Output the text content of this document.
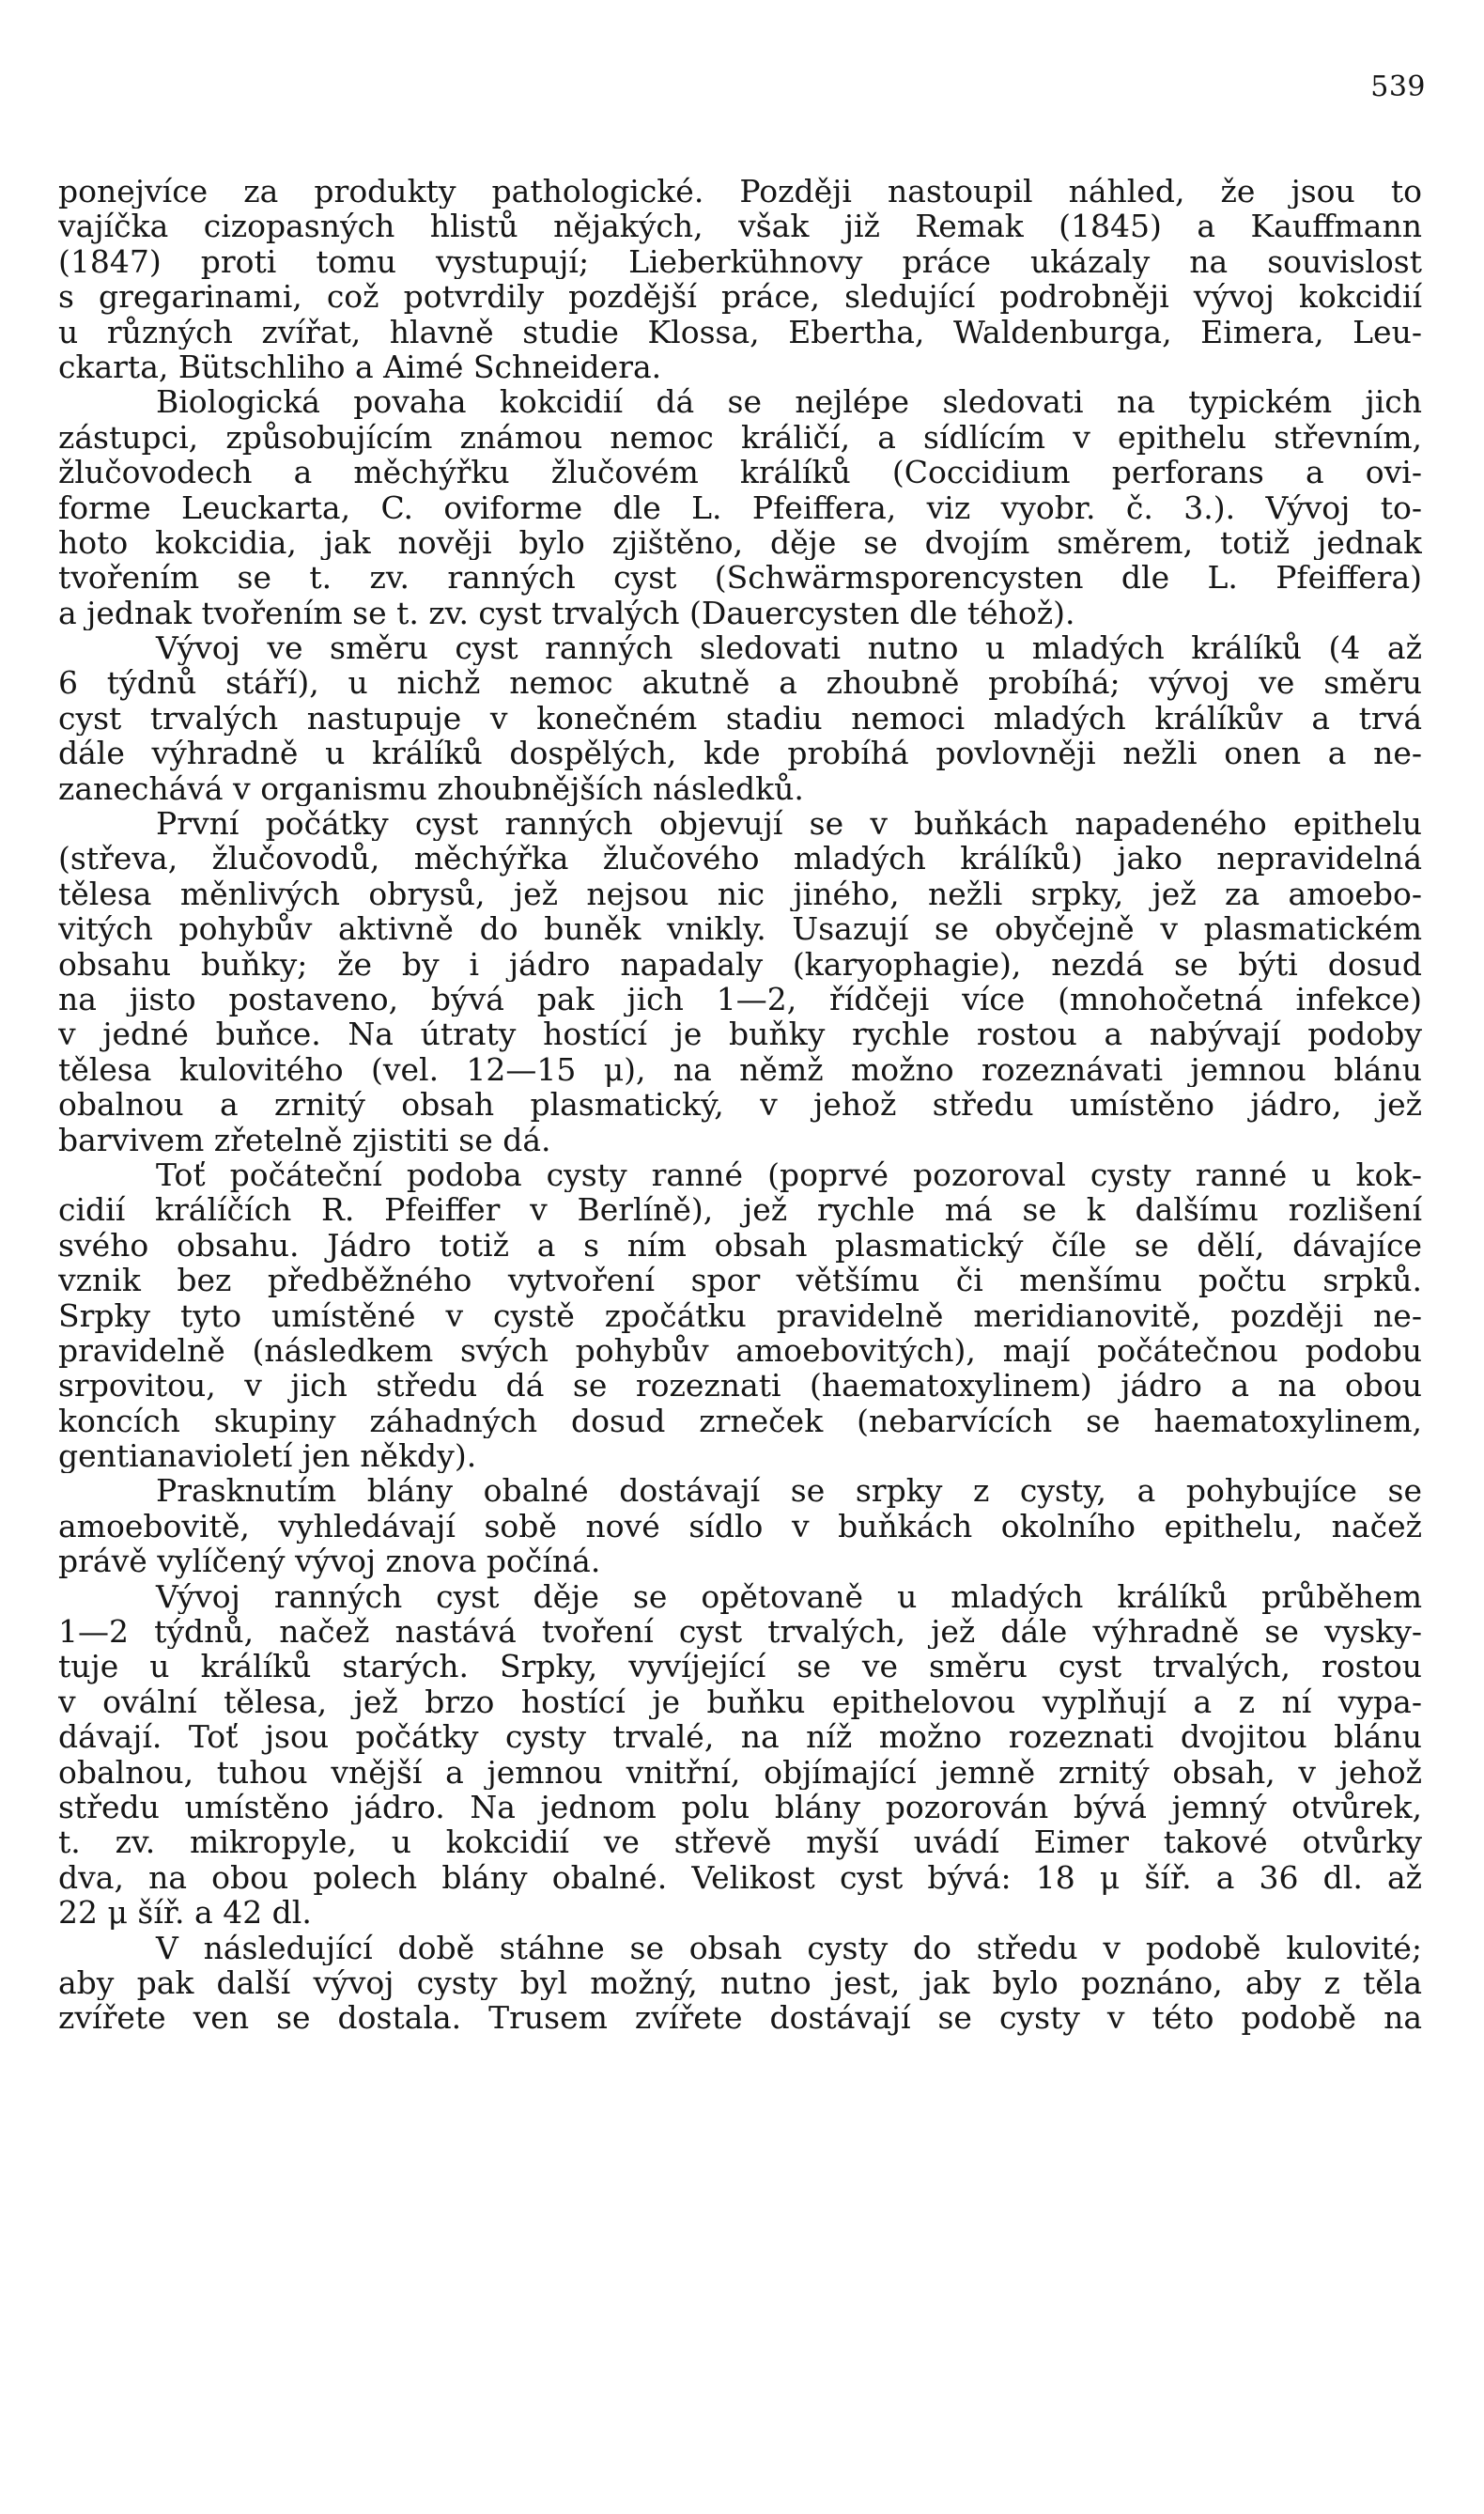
539
ponejvíce za produkty pathologické. Později nastoupil náhled, že jsou to
vajíčka cizopasných hlistů nějakých, však již Remak (1845) a Kauffmann
(1847) proti tomu vystupují; Lieberkühnovy práce ukázaly na souvislost
s gregarinami, což potvrdily pozdější práce, sledující podrobněji vývoj kokcidií
u různých zvířat, hlavně studie Klossa, Ebertha, Waldenburga, Eimera, Leu-
ckarta, Bütschliho a Aimé Schneidera.
Biologická povaha kokcidií dá se nejlépe sledovati na typickém jich
zástupci, způsobujícím známou nemoc králičí, a sídlícím v epithelu střevním,
žlučovodech a měchýřku žlučovém králíků (Coccidium perforans a ovi-
forme Leuckarta, C. oviforme dle L. Pfeiffera, viz vyobr. č. 3.). Vývoj to-
hoto kokcidia, jak nověji bylo zjištěno, děje se dvojím směrem, totiž jednak
tvořením se t. zv. ranných cyst (Schwärmsporencysten dle L. Pfeiffera)
a jednak tvořením se t. zv. cyst trvalých (Dauercysten dle téhož).
Vývoj ve směru cyst ranných sledovati nutno u mladých králíků (4 až
6 týdnů stáří), u nichž nemoc akutně a zhoubně probíhá; vývoj ve směru
cyst trvalých nastupuje v konečném stadiu nemoci mladých králíkův a trvá
dále výhradně u králíků dospělých, kde probíhá povlovněji nežli onen a ne-
zanechává v organismu zhoubnějších následků.
První počátky cyst ranných objevují se v buňkách napadeného epithelu
(střeva, žlučovodů, měchýřka žlučového mladých králíků) jako nepravidelná
tělesa měnlivých obrysů, jež nejsou nic jiného, nežli srpky, jež za amoebo-
vitých pohybův aktivně do buněk vnikly. Usazují se obyčejně v plasmatickém
obsahu buňky; že by i jádro napadaly (karyophagie), nezdá se býti dosud
na jisto postaveno, bývá pak jich 1—2, řídčeji více (mnohočetná infekce)
v jedné buňce. Na útraty hostící je buňky rychle rostou a nabývají podoby
tělesa kulovitého (vel. 12—15 μ), na němž možno rozeznávati jemnou blánu
obalnou a zrnitý obsah plasmatický, v jehož středu umístěno jádro, jež
barvivem zřetelně zjistiti se dá.
Toť počáteční podoba cysty ranné (poprvé pozoroval cysty ranné u kok-
cidií králíčích R. Pfeiffer v Berlíně), jež rychle má se k dalšímu rozlišení
svého obsahu. Jádro totiž a s ním obsah plasmatický číle se dělí, dávajíce
vznik bez předběžného vytvoření spor většímu či menšímu počtu srpků.
Srpky tyto umístěné v cystě zpočátku pravidelně meridianovitě, později ne-
pravidelně (následkem svých pohybův amoebovitých), mají počátečnou podobu
srpovitou, v jich středu dá se rozeznati (haematoxylinem) jádro a na obou
koncích skupiny záhadných dosud zrneček (nebarvících se haematoxylinem,
gentianavioletí jen někdy).
Prasknutím blány obalné dostávají se srpky z cysty, a pohybujíce se
amoebovitě, vyhledávají sobě nové sídlo v buňkách okolního epithelu, načež
právě vylíčený vývoj znova počíná.
Vývoj ranných cyst děje se opětovaně u mladých králíků průběhem
1—2 týdnů, načež nastává tvoření cyst trvalých, jež dále výhradně se vysky-
tuje u králíků starých. Srpky, vyvíjející se ve směru cyst trvalých, rostou
v ovální tělesa, jež brzo hostící je buňku epithelovou vyplňují a z ní vypa-
dávají. Toť jsou počátky cysty trvalé, na níž možno rozeznati dvojitou blánu
obalnou, tuhou vnější a jemnou vnitřní, objímající jemně zrnitý obsah, v jehož
středu umístěno jádro. Na jednom polu blány pozorován bývá jemný otvůrek,
t. zv. mikropyle, u kokcidií ve střevě myší uvádí Eimer takové otvůrky
dva, na obou polech blány obalné. Velikost cyst bývá: 18 μ šíř. a 36 dl. až
22 μ šíř. a 42 dl.
V následující době stáhne se obsah cysty do středu v podobě kulovité;
aby pak další vývoj cysty byl možný, nutno jest, jak bylo poznáno, aby z těla
zvířete ven se dostala. Trusem zvířete dostávají se cysty v této podobě na
